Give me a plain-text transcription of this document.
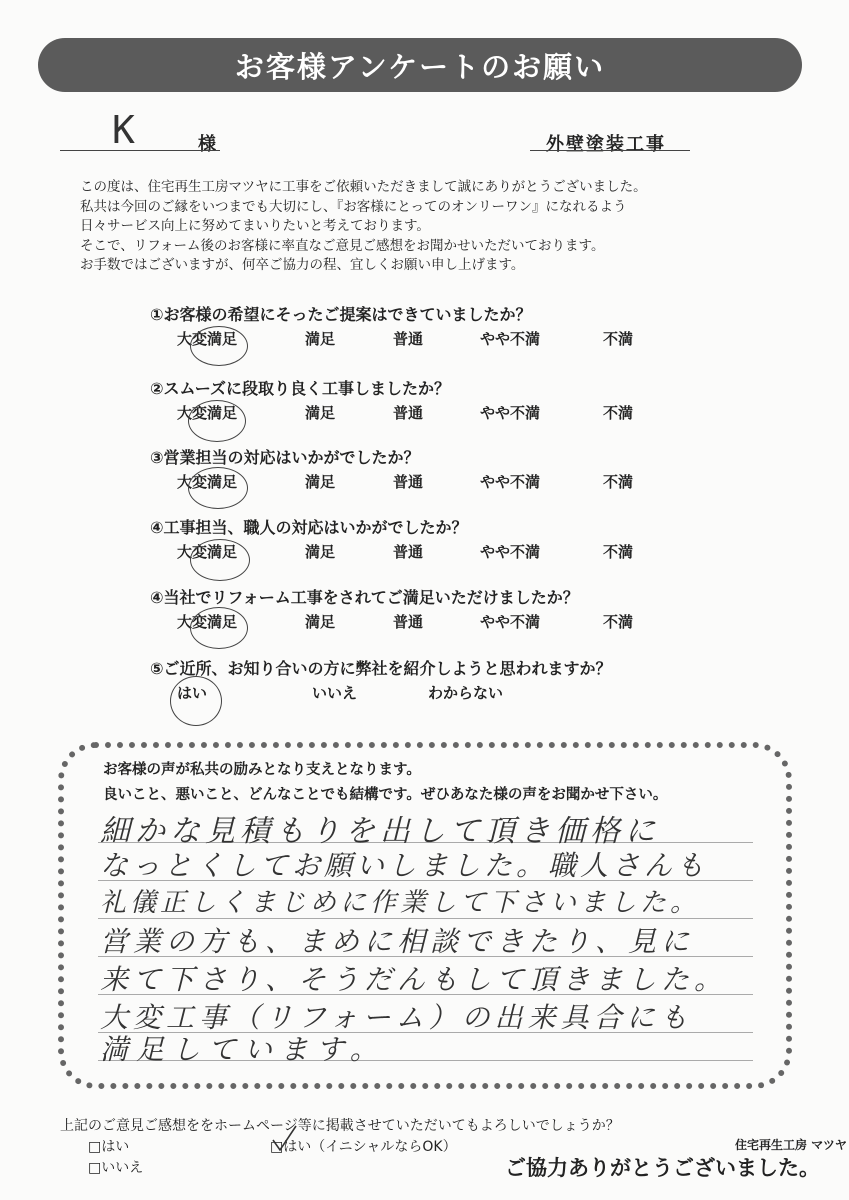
お客様アンケートのお願い
K	様	外壁塗装工事
この度は、住宅再生工房マツヤに工事をご依頼いただきまして誠にありがとうございました。
私共は今回のご縁をいつまでも大切にし、『お客様にとってのオンリーワン』になれるよう
日々サービス向上に努めてまいりたいと考えております。
そこで、リフォーム後のお客様に率直なご意見ご感想をお聞かせいただいております。
お手数ではございますが、何卒ご協力の程、宜しくお願い申し上げます。
①お客様の希望にそったご提案はできていましたか？
大変満足	満足	普通	やや不満	不満
②スムーズに段取り良く工事しましたか？
大変満足	満足	普通	やや不満	不満
③営業担当の対応はいかがでしたか？
大変満足	満足	普通	やや不満	不満
④工事担当、職人の対応はいかがでしたか？
大変満足	満足	普通	やや不満	不満
④当社でリフォーム工事をされてご満足いただけましたか？
大変満足	満足	普通	やや不満	不満
⑤ご近所、お知り合いの方に弊社を紹介しようと思われますか？
はい	いいえ	わからない
お客様の声が私共の励みとなり支えとなります。
良いこと、悪いこと、どんなことでも結構です。ぜひあなた様の声をお聞かせ下さい。
細かな見積もりを出して頂き価格に
なっとくしてお願いしました。職人さんも
礼儀正しくまじめに作業して下さいました。
営業の方も、まめに相談できたり、見に
来て下さり、そうだんもして頂きました。
大変工事（リフォーム）の出来具合にも
満足しています。
上記のご意見ご感想ををホームページ等に掲載させていただいてもよろしいでしょうか？
□はい
□いいえ
□はい（イニシャルならOK）	住宅再生工房 マツヤ
ご協力ありがとうございました。
